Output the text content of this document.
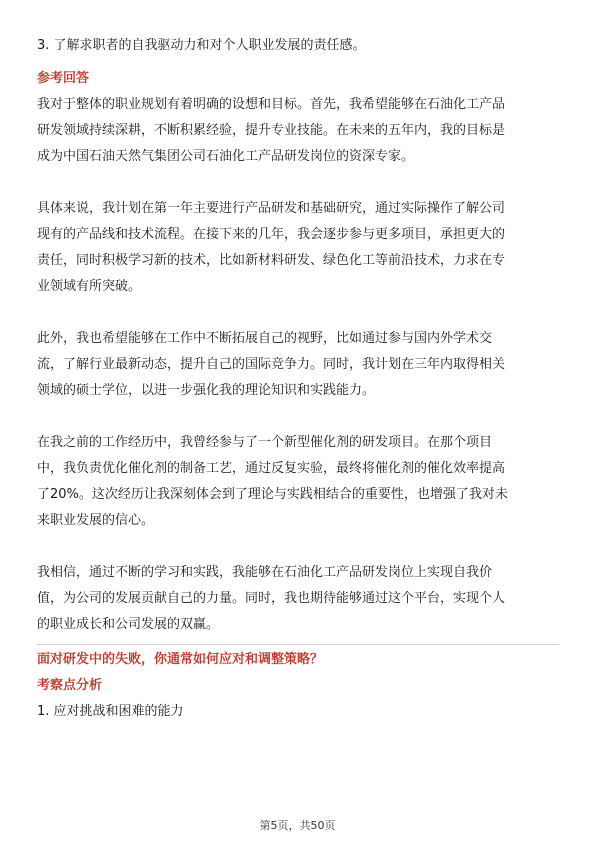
3. 了解求职者的自我驱动力和对个人职业发展的责任感。
参考回答
我对于整体的职业规划有着明确的设想和目标。首先，我希望能够在石油化工产品
研发领域持续深耕，不断积累经验，提升专业技能。在未来的五年内，我的目标是
成为中国石油天然气集团公司石油化工产品研发岗位的资深专家。
具体来说，我计划在第一年主要进行产品研发和基础研究，通过实际操作了解公司
现有的产品线和技术流程。在接下来的几年，我会逐步参与更多项目，承担更大的
责任，同时积极学习新的技术，比如新材料研发、绿色化工等前沿技术，力求在专
业领域有所突破。
此外，我也希望能够在工作中不断拓展自己的视野，比如通过参与国内外学术交
流，了解行业最新动态，提升自己的国际竞争力。同时，我计划在三年内取得相关
领域的硕士学位，以进一步强化我的理论知识和实践能力。
在我之前的工作经历中，我曾经参与了一个新型催化剂的研发项目。在那个项目
中，我负责优化催化剂的制备工艺，通过反复实验，最终将催化剂的催化效率提高
了20%。这次经历让我深刻体会到了理论与实践相结合的重要性，也增强了我对未
来职业发展的信心。
我相信，通过不断的学习和实践，我能够在石油化工产品研发岗位上实现自我价
值，为公司的发展贡献自己的力量。同时，我也期待能够通过这个平台，实现个人
的职业成长和公司发展的双赢。
面对研发中的失败，你通常如何应对和调整策略？
考察点分析
1. 应对挑战和困难的能力
第5页，共50页
